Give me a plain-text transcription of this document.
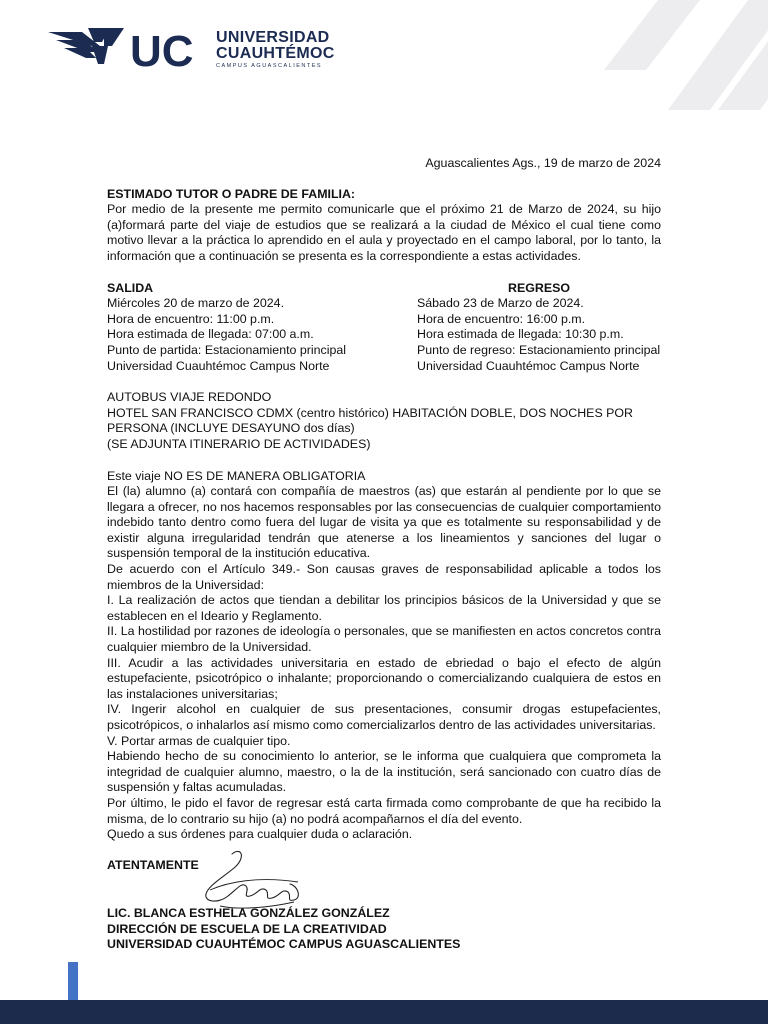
UC UNIVERSIDAD
CUAUHTÉMOC
CAMPUS AGUASCALIENTES

Aguascalientes Ags., 19 de marzo de 2024

ESTIMADO TUTOR O PADRE DE FAMILIA:

Por medio de la presente me permito comunicarle que el próximo 21 de Marzo de 2024, su hijo (a)formará parte del viaje de estudios que se realizará a la ciudad de México el cual tiene como motivo llevar a la práctica lo aprendido en el aula y proyectado en el campo laboral, por lo tanto, la información que a continuación se presenta es la correspondiente a estas actividades.

SALIDA

Miércoles 20 de marzo de 2024.

Hora de encuentro: 11:00 p.m.

Hora estimada de llegada: 07:00 a.m.

Punto de partida: Estacionamiento principal

Universidad Cuauhtémoc Campus Norte

REGRESO

Sábado 23 de Marzo de 2024.

Hora de encuentro: 16:00 p.m.

Hora estimada de llegada: 10:30 p.m.

Punto de regreso: Estacionamiento principal

Universidad Cuauhtémoc Campus Norte

AUTOBUS VIAJE REDONDO

HOTEL SAN FRANCISCO CDMX (centro histórico) HABITACIÓN DOBLE, DOS NOCHES POR PERSONA (INCLUYE DESAYUNO dos días)

(SE ADJUNTA ITINERARIO DE ACTIVIDADES)

Este viaje NO ES DE MANERA OBLIGATORIA

El (la) alumno (a) contará con compañía de maestros (as) que estarán al pendiente por lo que se llegara a ofrecer, no nos hacemos responsables por las consecuencias de cualquier comportamiento indebido tanto dentro como fuera del lugar de visita ya que es totalmente su responsabilidad y de existir alguna irregularidad tendrán que atenerse a los lineamientos y sanciones del lugar o suspensión temporal de la institución educativa.

De acuerdo con el Artículo 349.- Son causas graves de responsabilidad aplicable a todos los miembros de la Universidad:

I. La realización de actos que tiendan a debilitar los principios básicos de la Universidad y que se establecen en el Ideario y Reglamento.

II. La hostilidad por razones de ideología o personales, que se manifiesten en actos concretos contra cualquier miembro de la Universidad.

III. Acudir a las actividades universitaria en estado de ebriedad o bajo el efecto de algún estupefaciente, psicotrópico o inhalante; proporcionando o comercializando cualquiera de estos en las instalaciones universitarias;

IV. Ingerir alcohol en cualquier de sus presentaciones, consumir drogas estupefacientes, psicotrópicos, o inhalarlos así mismo como comercializarlos dentro de las actividades universitarias.

V. Portar armas de cualquier tipo.

Habiendo hecho de su conocimiento lo anterior, se le informa que cualquiera que comprometa la integridad de cualquier alumno, maestro, o la de la institución, será sancionado con cuatro días de suspensión y faltas acumuladas.

Por último, le pido el favor de regresar está carta firmada como comprobante de que ha recibido la misma, de lo contrario su hijo (a) no podrá acompañarnos el día del evento.

Quedo a sus órdenes para cualquier duda o aclaración.

ATENTAMENTE
LIC. BLANCA ESTHELA GONZÁLEZ GONZÁLEZ
DIRECCIÓN DE ESCUELA DE LA CREATIVIDAD
UNIVERSIDAD CUAUHTÉMOC CAMPUS AGUASCALIENTES
